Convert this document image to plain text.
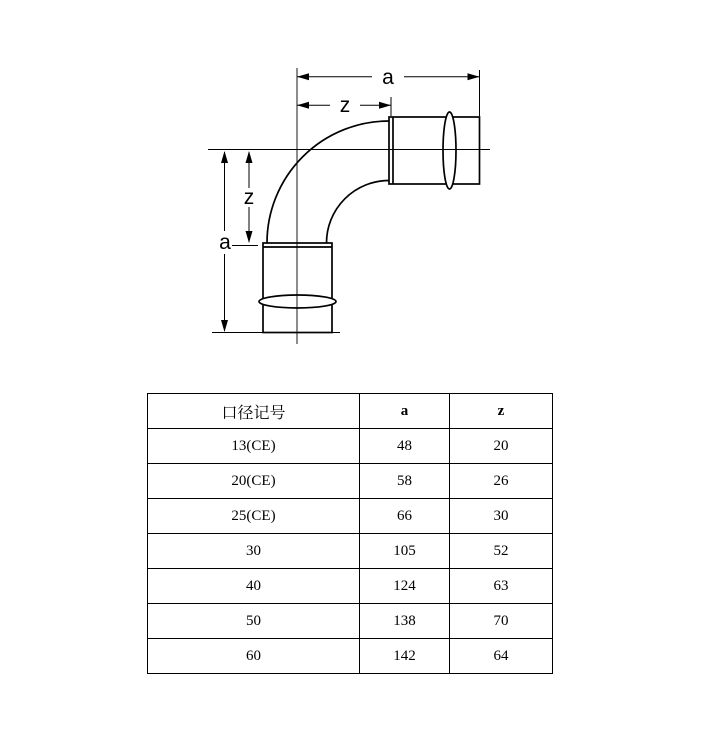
a
z
a
z
口径记号	a	z
13(CE)	48	20
20(CE)	58	26
25(CE)	66	30
30	105	52
40	124	63
50	138	70
60	142	64
